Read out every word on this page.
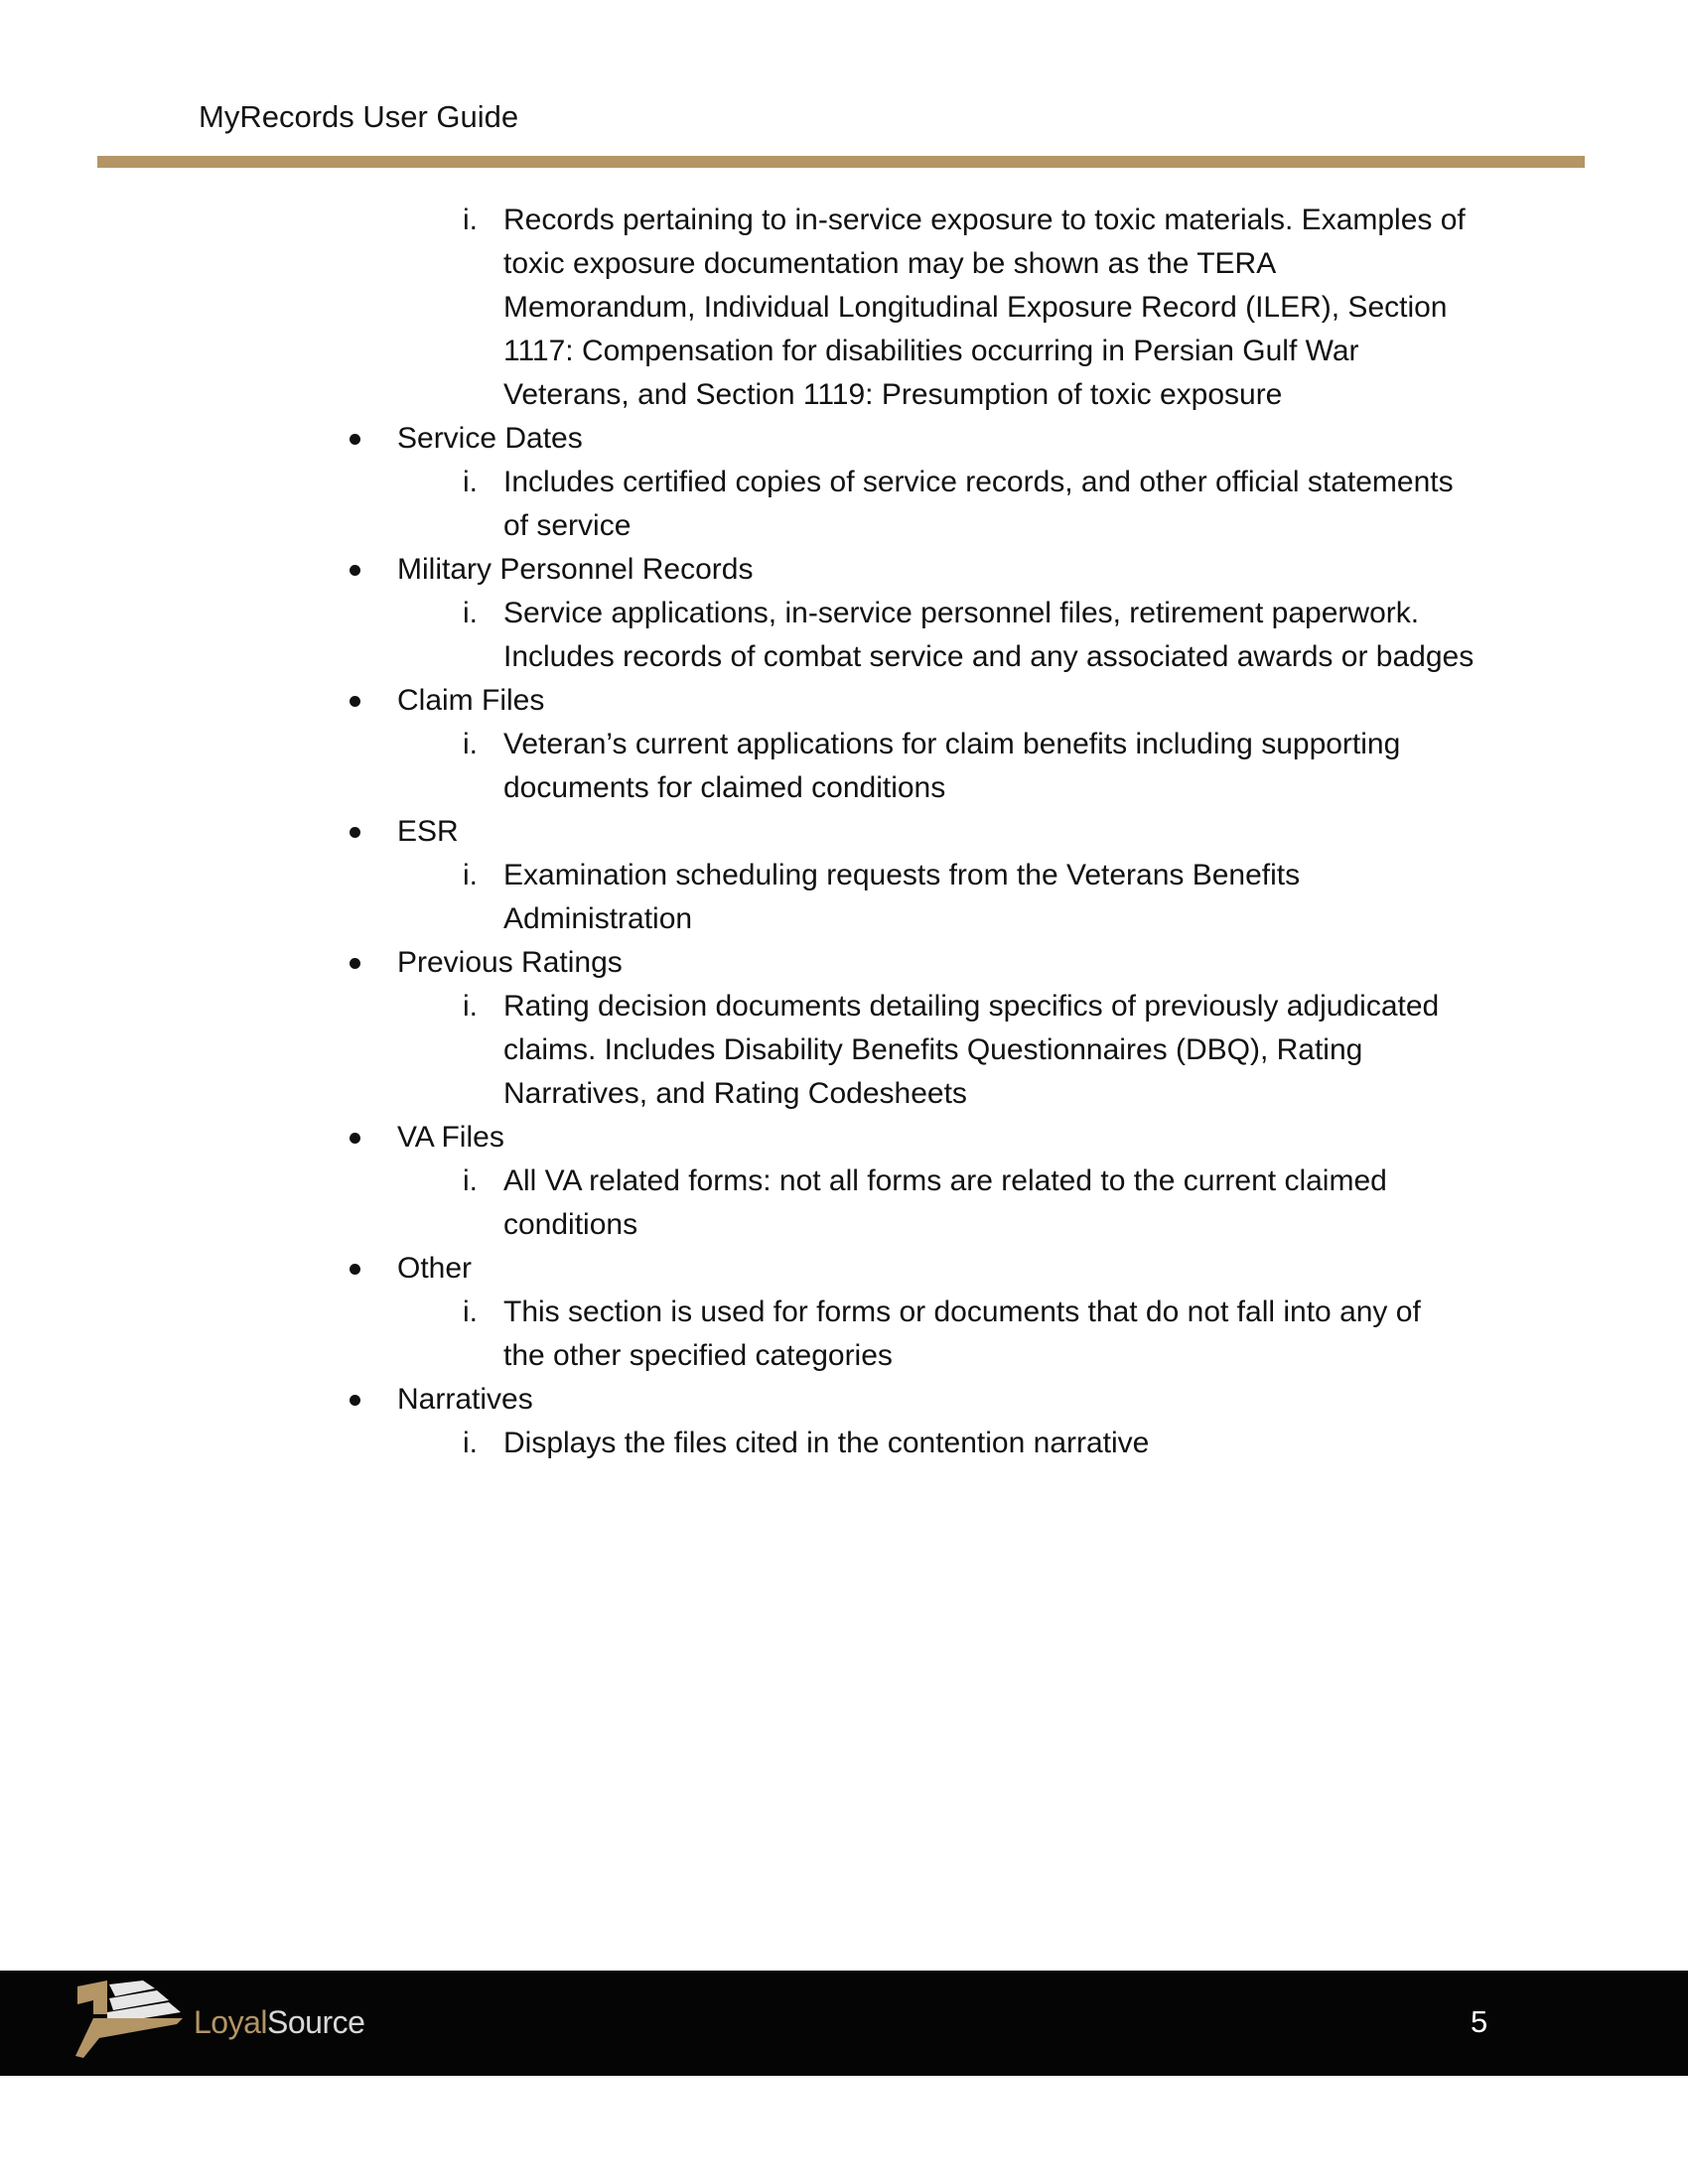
MyRecords User Guide
i. Records pertaining to in-service exposure to toxic materials. Examples of
toxic exposure documentation may be shown as the TERA
Memorandum, Individual Longitudinal Exposure Record (ILER), Section
1117: Compensation for disabilities occurring in Persian Gulf War
Veterans, and Section 1119: Presumption of toxic exposure
Service Dates
i. Includes certified copies of service records, and other official statements
of service
Military Personnel Records
i. Service applications, in-service personnel files, retirement paperwork.
Includes records of combat service and any associated awards or badges
Claim Files
i. Veteran’s current applications for claim benefits including supporting
documents for claimed conditions
ESR
i. Examination scheduling requests from the Veterans Benefits
Administration
Previous Ratings
i. Rating decision documents detailing specifics of previously adjudicated
claims. Includes Disability Benefits Questionnaires (DBQ), Rating
Narratives, and Rating Codesheets
VA Files
i. All VA related forms: not all forms are related to the current claimed
conditions
Other
i. This section is used for forms or documents that do not fall into any of
the other specified categories
Narratives
i. Displays the files cited in the contention narrative
LoyalSource	5
